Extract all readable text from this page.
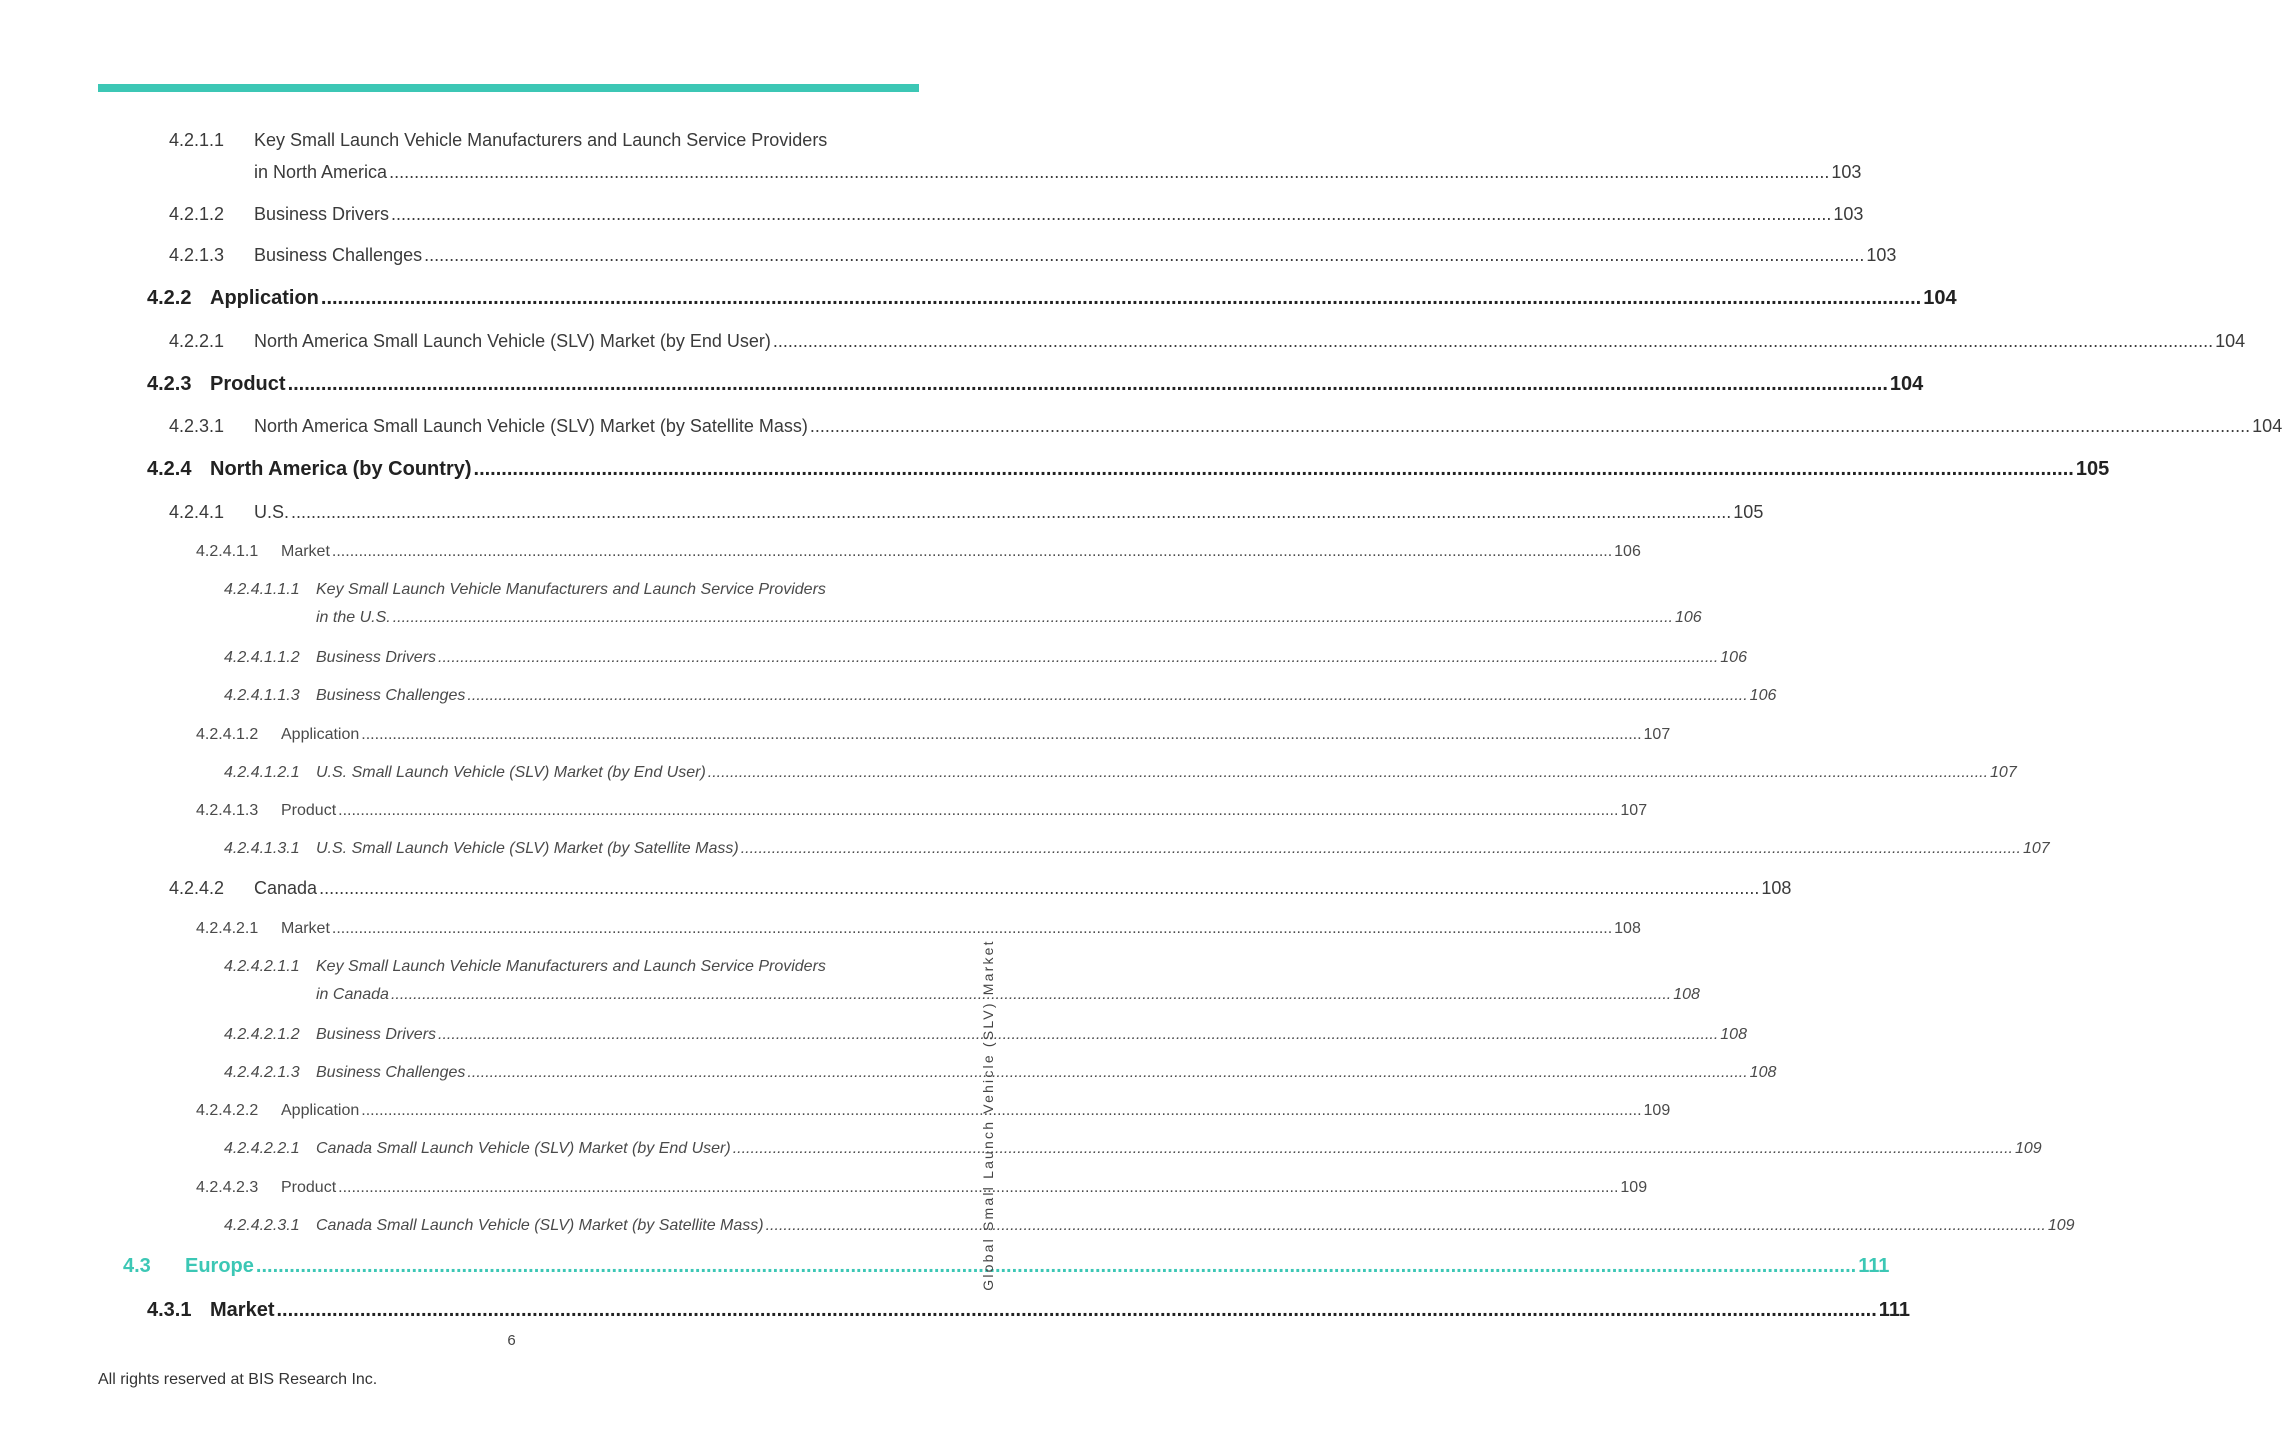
4.2.1.1	Key Small Launch Vehicle Manufacturers and Launch Service Providers
in North America .....	103
4.2.1.2	Business Drivers .....	103
4.2.1.3	Business Challenges .....	103
4.2.2 Application .....	104
4.2.2.1	North America Small Launch Vehicle (SLV) Market (by End User) .....	104
4.2.3 Product .....	104
4.2.3.1	North America Small Launch Vehicle (SLV) Market (by Satellite Mass) .....	104
4.2.4 North America (by Country) .....	105
4.2.4.1	U.S. .....	105
4.2.4.1.1	Market .....	106
4.2.4.1.1.1	Key Small Launch Vehicle Manufacturers and Launch Service Providers
in the U.S. .....	106
4.2.4.1.1.2	Business Drivers .....	106
4.2.4.1.1.3	Business Challenges .....	106
4.2.4.1.2	Application .....	107
4.2.4.1.2.1	U.S. Small Launch Vehicle (SLV) Market (by End User) .....	107
4.2.4.1.3	Product .....	107
4.2.4.1.3.1	U.S. Small Launch Vehicle (SLV) Market (by Satellite Mass) .....	107
4.2.4.2	Canada .....	108
4.2.4.2.1	Market .....	108
4.2.4.2.1.1	Key Small Launch Vehicle Manufacturers and Launch Service Providers
in Canada .....	108
4.2.4.2.1.2	Business Drivers .....	108
4.2.4.2.1.3	Business Challenges .....	108
4.2.4.2.2	Application .....	109
4.2.4.2.2.1	Canada Small Launch Vehicle (SLV) Market (by End User) .....	109
4.2.4.2.3	Product .....	109
4.2.4.2.3.1	Canada Small Launch Vehicle (SLV) Market (by Satellite Mass) .....	109
4.3	Europe .....	111
4.3.1 Market .....	111
Global Small Launch Vehicle (SLV) Market
6
All rights reserved at BIS Research Inc.
